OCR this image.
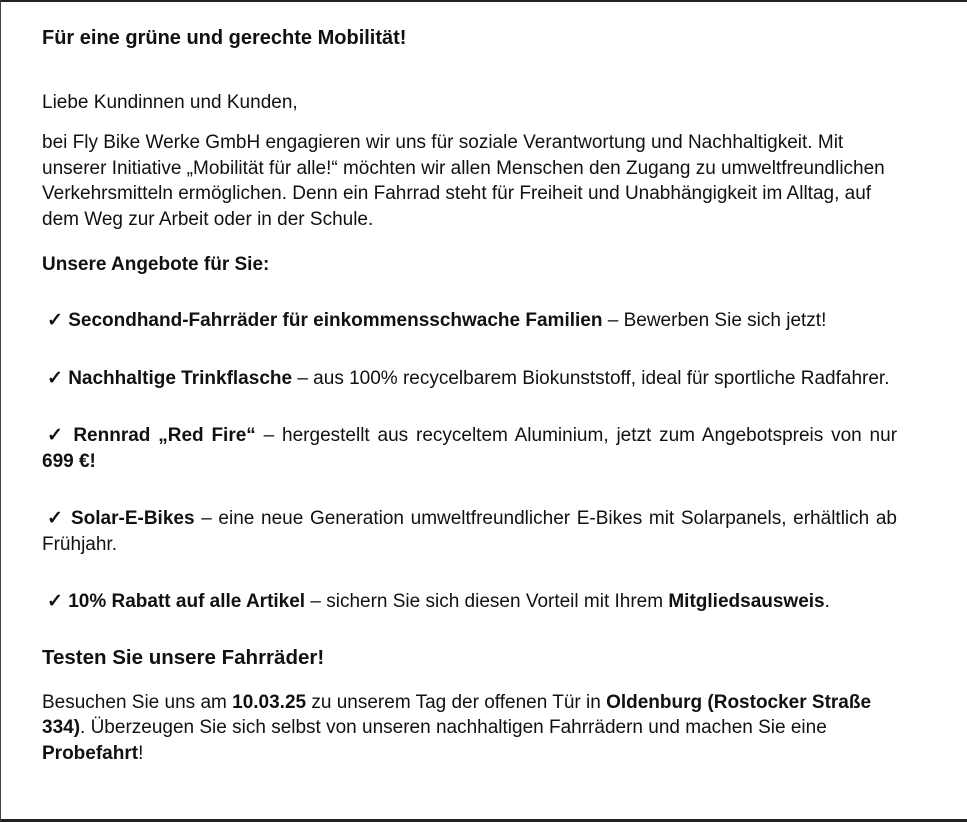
Für eine grüne und gerechte Mobilität!

Liebe Kundinnen und Kunden,

bei Fly Bike Werke GmbH engagieren wir uns für soziale Verantwortung und Nachhaltigkeit. Mit unserer Initiative „Mobilität für alle!“ möchten wir allen Menschen den Zugang zu umweltfreundlichen Verkehrsmitteln ermöglichen. Denn ein Fahrrad steht für Freiheit und Unabhängigkeit im Alltag, auf dem Weg zur Arbeit oder in der Schule.

Unsere Angebote für Sie:

✓ Secondhand-Fahrräder für einkommensschwache Familien – Bewerben Sie sich jetzt!

✓ Nachhaltige Trinkflasche – aus 100% recycelbarem Biokunststoff, ideal für sportliche Radfahrer.

✓ Rennrad „Red Fire“ – hergestellt aus recyceltem Aluminium, jetzt zum Angebotspreis von nur 699 €!

✓ Solar-E-Bikes – eine neue Generation umweltfreundlicher E-Bikes mit Solarpanels, erhältlich ab Frühjahr.

✓ 10% Rabatt auf alle Artikel – sichern Sie sich diesen Vorteil mit Ihrem Mitgliedsausweis.

Testen Sie unsere Fahrräder!

Besuchen Sie uns am 10.03.25 zu unserem Tag der offenen Tür in Oldenburg (Rostocker Straße 334). Überzeugen Sie sich selbst von unseren nachhaltigen Fahrrädern und machen Sie eine Probefahrt!
